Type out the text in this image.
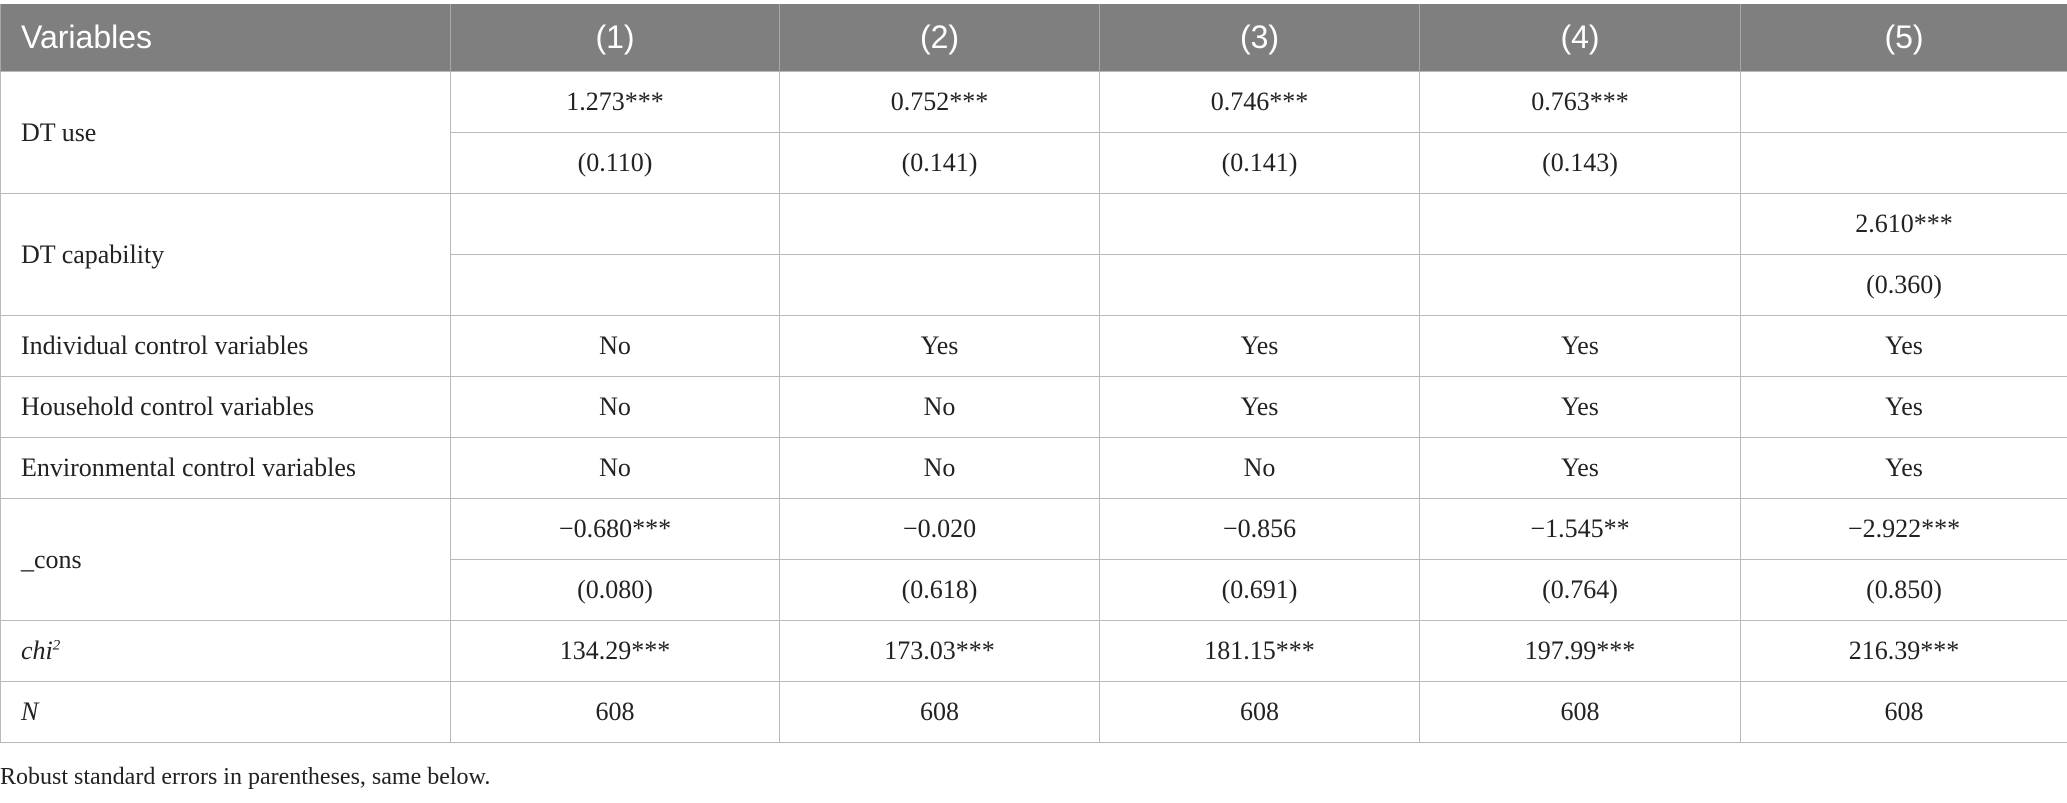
Variables	(1)	(2)	(3)	(4)	(5)
DT use	1.273***	0.752***	0.746***	0.763***	
	(0.110)	(0.141)	(0.141)	(0.143)	
DT capability					2.610***
					(0.360)
Individual control variables	No	Yes	Yes	Yes	Yes
Household control variables	No	No	Yes	Yes	Yes
Environmental control variables	No	No	No	Yes	Yes
_cons	−0.680***	−0.020	−0.856	−1.545**	−2.922***
	(0.080)	(0.618)	(0.691)	(0.764)	(0.850)
chi$^2$	134.29***	173.03***	181.15***	197.99***	216.39***
N	608	608	608	608	608
Robust standard errors in parentheses, same below.
